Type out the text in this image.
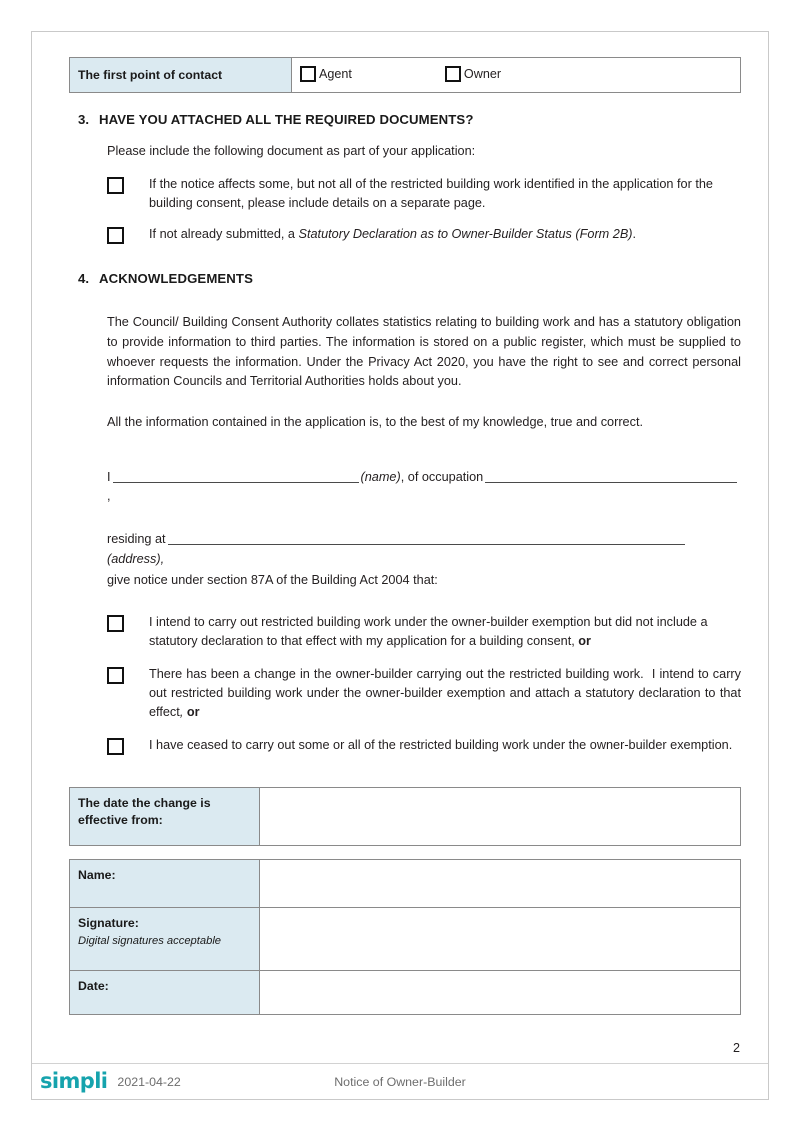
The first point of contact	Agent	Owner
3. HAVE YOU ATTACHED ALL THE REQUIRED DOCUMENTS?
Please include the following document as part of your application:
If the notice affects some, but not all of the restricted building work identified in the application for the building consent, please include details on a separate page.
If not already submitted, a Statutory Declaration as to Owner-Builder Status (Form 2B).
4. ACKNOWLEDGEMENTS
The Council/ Building Consent Authority collates statistics relating to building work and has a statutory obligation to provide information to third parties. The information is stored on a public register, which must be supplied to whoever requests the information. Under the Privacy Act 2020, you have the right to see and correct personal information Councils and Territorial Authorities holds about you.
All the information contained in the application is, to the best of my knowledge, true and correct.
I	(name), of occupation,
residing at(address),
give notice under section 87A of the Building Act 2004 that:
I intend to carry out restricted building work under the owner-builder exemption but did not include a statutory declaration to that effect with my application for a building consent, or
There has been a change in the owner-builder carrying out the restricted building work.  I intend to carry out restricted building work under the owner-builder exemption and attach a statutory declaration to that effect, or
I have ceased to carry out some or all of the restricted building work under the owner-builder exemption.
The date the change is effective from:	
Name:	
Signature:
Digital signatures acceptable	

Date:	
2
simpli 2021-04-22	Notice of Owner-Builder
